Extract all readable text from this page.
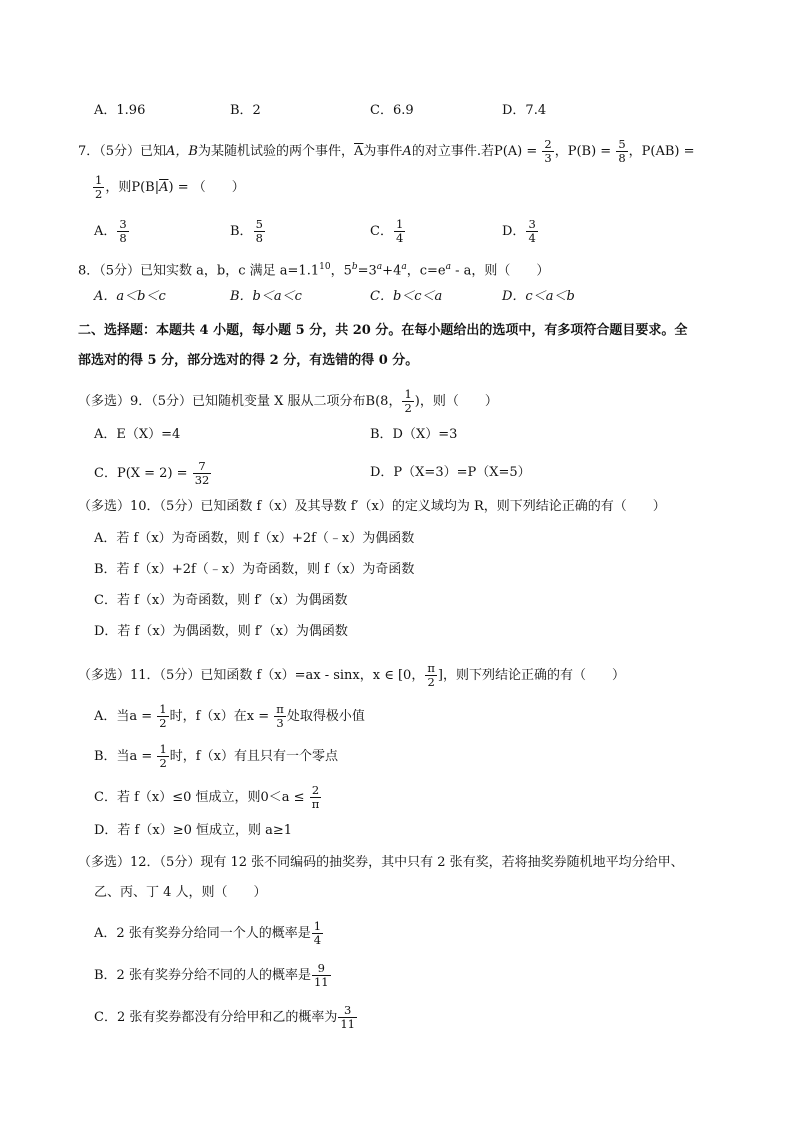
A．1.96	B．2	C．6.9	D．7.4
7．（5分）已知A，B为某随机试验的两个事件，$\overline{A}$为事件A的对立事件.若$P(A) = \frac{2}{3}$ ，$P(B) = \frac{5}{8}$ ，P(AB) =
$\frac{1}{2}$ ，则$P(B|\overline{A})$ = （　　）
A． $\frac{3}{8}$	B． $\frac{5}{8}$	C． $\frac{1}{4}$	D． $\frac{3}{4}$
8．（5分）已知实数 a，b，c 满足 $a=1.1^{10}$，$5^b=3^a+4^a$，$c=e^a - a$，则（　　）
A．a＜b＜c	B．b＜a＜c	C．b＜c＜a	D．c＜a＜b
二、选择题：本题共 4 小题，每小题 5 分，共 20 分。在每小题给出的选项中，有多项符合题目要求。全
部选对的得 5 分，部分选对的得 2 分，有选错的得 0 分。
（多选）9．（5分）已知随机变量 X 服从二项分布B(8， $\frac{1}{2}$ )，则（　　）
A．E（X）=4	B．D（X）=3
C．$P(X = 2) = \frac{7}{32}$	D．P（X=3）=P（X=5）
（多选）10．（5分）已知函数 f（x）及其导数 f′（x）的定义域均为 R，则下列结论正确的有（　　）
A．若 f（x）为奇函数，则 f（x）+2f（﹣x）为偶函数
B．若 f（x）+2f（﹣x）为奇函数，则 f（x）为奇函数
C．若 f（x）为奇函数，则 f′（x）为偶函数
D．若 f（x）为偶函数，则 f′（x）为偶函数
（多选）11．（5分）已知函数 f（x）=ax - sinx，x ∈ [0， $\frac{\pi}{2}$ ]，则下列结论正确的有（　　）
A．当$a = \frac{1}{2}$ 时，f（x）在$x = \frac{\pi}{3}$ 处取得极小值
B．当$a = \frac{1}{2}$ 时，f（x）有且只有一个零点
C．若 f（x）≤0 恒成立，则$0<a \le \frac{2}{\pi}$
D．若 f（x）≥0 恒成立，则 a≥1
（多选）12．（5分）现有 12 张不同编码的抽奖券，其中只有 2 张有奖，若将抽奖券随机地平均分给甲、
乙、丙、丁 4 人，则（　　）
A．2 张有奖券分给同一个人的概率是 $\frac{1}{4}$
B．2 张有奖券分给不同的人的概率是 $\frac{9}{11}$
C．2 张有奖券都没有分给甲和乙的概率为 $\frac{3}{11}$
